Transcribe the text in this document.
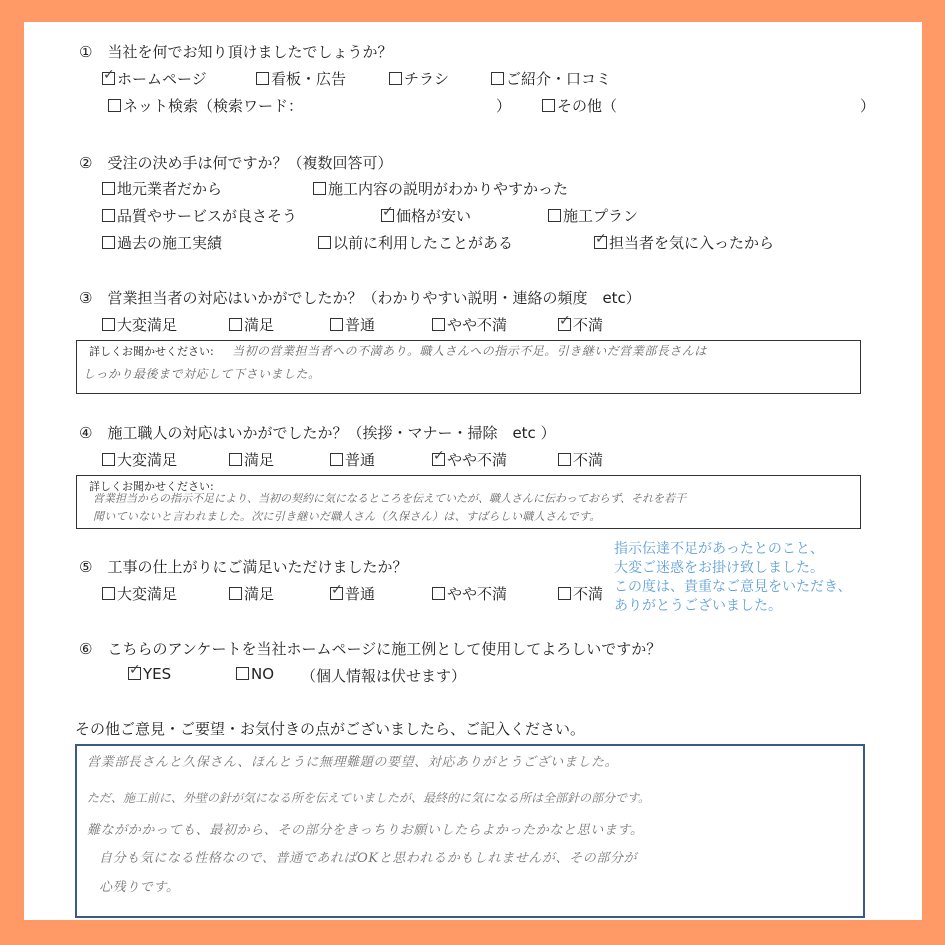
①　当社を何でお知り頂けましたでしょうか？
✓ホームページ	看板・広告	チラシ	ご紹介・口コミ
ネット検索（検索ワード：	）	その他（	）
②　受注の決め手は何ですか？（複数回答可）
地元業者だから	施工内容の説明がわかりやすかった
品質やサービスが良さそう ✓	価格が安い	施工プラン
過去の施工実績	以前に利用したことがある ✓	担当者を気に入ったから
③　営業担当者の対応はいかがでしたか？（わかりやすい説明・連絡の頻度　etc）
大変満足	満足	普通	やや不満 ✓	不満
詳しくお聞かせください: 当初の営業担当者への不満あり。職人さんへの指示不足。引き継いだ営業部長さんは
しっかり最後まで対応して下さいました。
④　施工職人の対応はいかがでしたか？（挨拶・マナー・掃除　etc ）
大変満足	満足	普通 ✓	やや不満	不満
詳しくお聞かせください:
営業担当からの指示不足により、当初の契約に気になるところを伝えていたが、職人さんに伝わっておらず、それを若干
聞いていないと言われました。次に引き継いだ職人さん（久保さん）は、すばらしい職人さんです。
⑤　工事の仕上がりにご満足いただけましたか？
大変満足	満足 ✓	普通	やや不満	不満
⑥　こちらのアンケートを当社ホームページに施工例として使用してよろしいですか？
✓YES	NO （個人情報は伏せます）
その他ご意見・ご要望・お気付きの点がございましたら、ご記入ください。
営業部長さんと久保さん、ほんとうに無理難題の要望、対応ありがとうございました。
ただ、施工前に、外壁の針が気になる所を伝えていましたが、最終的に気になる所は全部針の部分です。
難ながかかっても、最初から、その部分をきっちりお願いしたらよかったかなと思います。
自分も気になる性格なので、普通であればOKと思われるかもしれませんが、その部分が
心残りです。
指示伝達不足があったとのこと、
大変ご迷惑をお掛け致しました。
この度は、貴重なご意見をいただき、
ありがとうございました。
